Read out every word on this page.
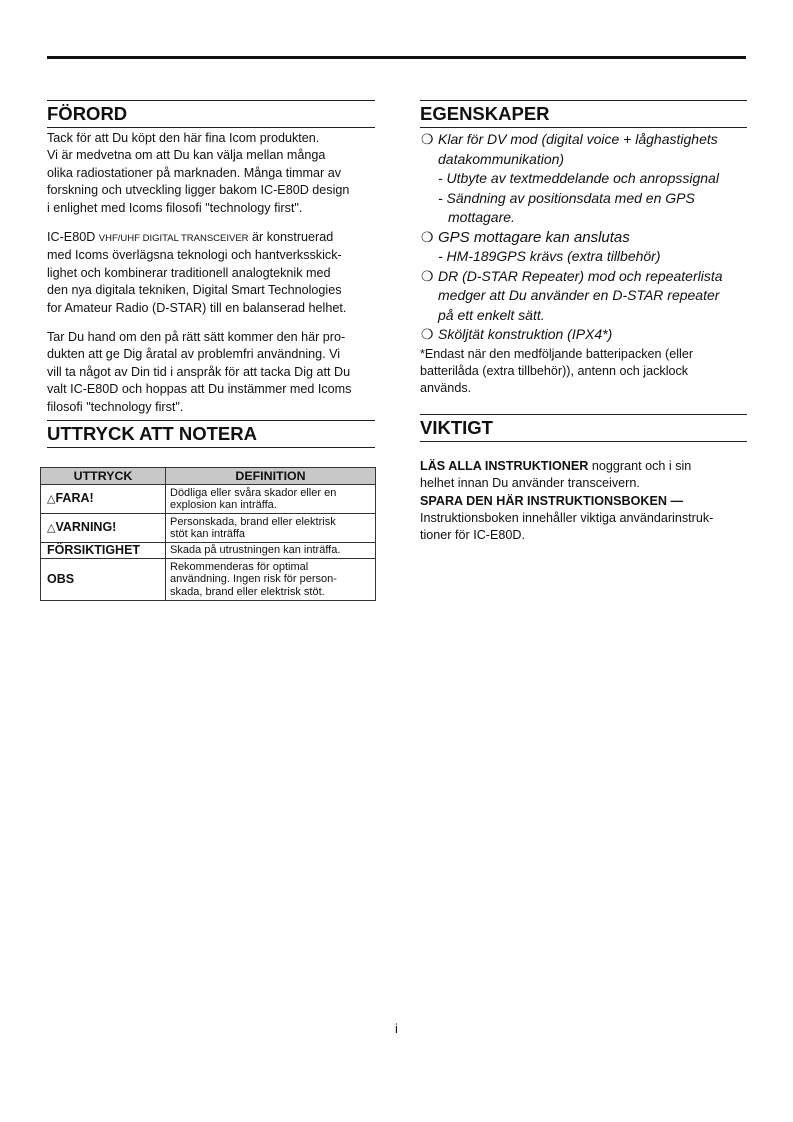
FÖRORD

Tack för att Du köpt den här fina Icom produkten.

Vi är medvetna om att Du kan välja mellan många

olika radiostationer på marknaden. Många timmar av

forskning och utveckling ligger bakom IC-E80D design

i enlighet med Icoms filosofi "technology first".

IC-E80D VHF/UHF DIGITAL TRANSCEIVER är konstruerad

med Icoms överlägsna teknologi och hantverksskick-

lighet och kombinerar traditionell analogteknik med

den nya digitala tekniken, Digital Smart Technologies

for Amateur Radio (D-STAR) till en balanserad helhet.

Tar Du hand om den på rätt sätt kommer den här pro-

dukten att ge Dig åratal av problemfri användning. Vi

vill ta något av Din tid i anspråk för att tacka Dig att Du

valt IC-E80D och hoppas att Du instämmer med Icoms

filosofi "technology first".

UTTRYCK ATT NOTERA
UTTRYCK	DEFINITION
△FARA!	Dödliga eller svåra skador eller en
explosion kan inträffa.

△VARNING!	Personskada, brand eller elektrisk
stöt kan inträffa

FÖRSIKTIGHET	Skada på utrustningen kan inträffa.

OBS	Rekommenderas för optimal
användning. Ingen risk för person-
skada, brand eller elektrisk stöt.
EGENSKAPER
❍ Klar för DV mod (digital voice + låghastighets
datakommunikation)
- Utbyte av textmeddelande och anropssignal
- Sändning av positionsdata med en GPS
mottagare.
❍ GPS mottagare kan anslutas
- HM-189GPS krävs (extra tillbehör)
❍ DR (D-STAR Repeater) mod och repeaterlista
medger att Du använder en D-STAR repeater
på ett enkelt sätt.
❍ Sköljtät konstruktion (IPX4*)
*Endast när den medföljande batteripacken (eller
batterilåda (extra tillbehör)), antenn och jacklock
används.
VIKTIGT

LÄS ALLA INSTRUKTIONER noggrant och i sin

helhet innan Du använder transceivern.

SPARA DEN HÄR INSTRUKTIONSBOKEN —

Instruktionsboken innehåller viktiga användarinstruk-

tioner för IC-E80D.

i
